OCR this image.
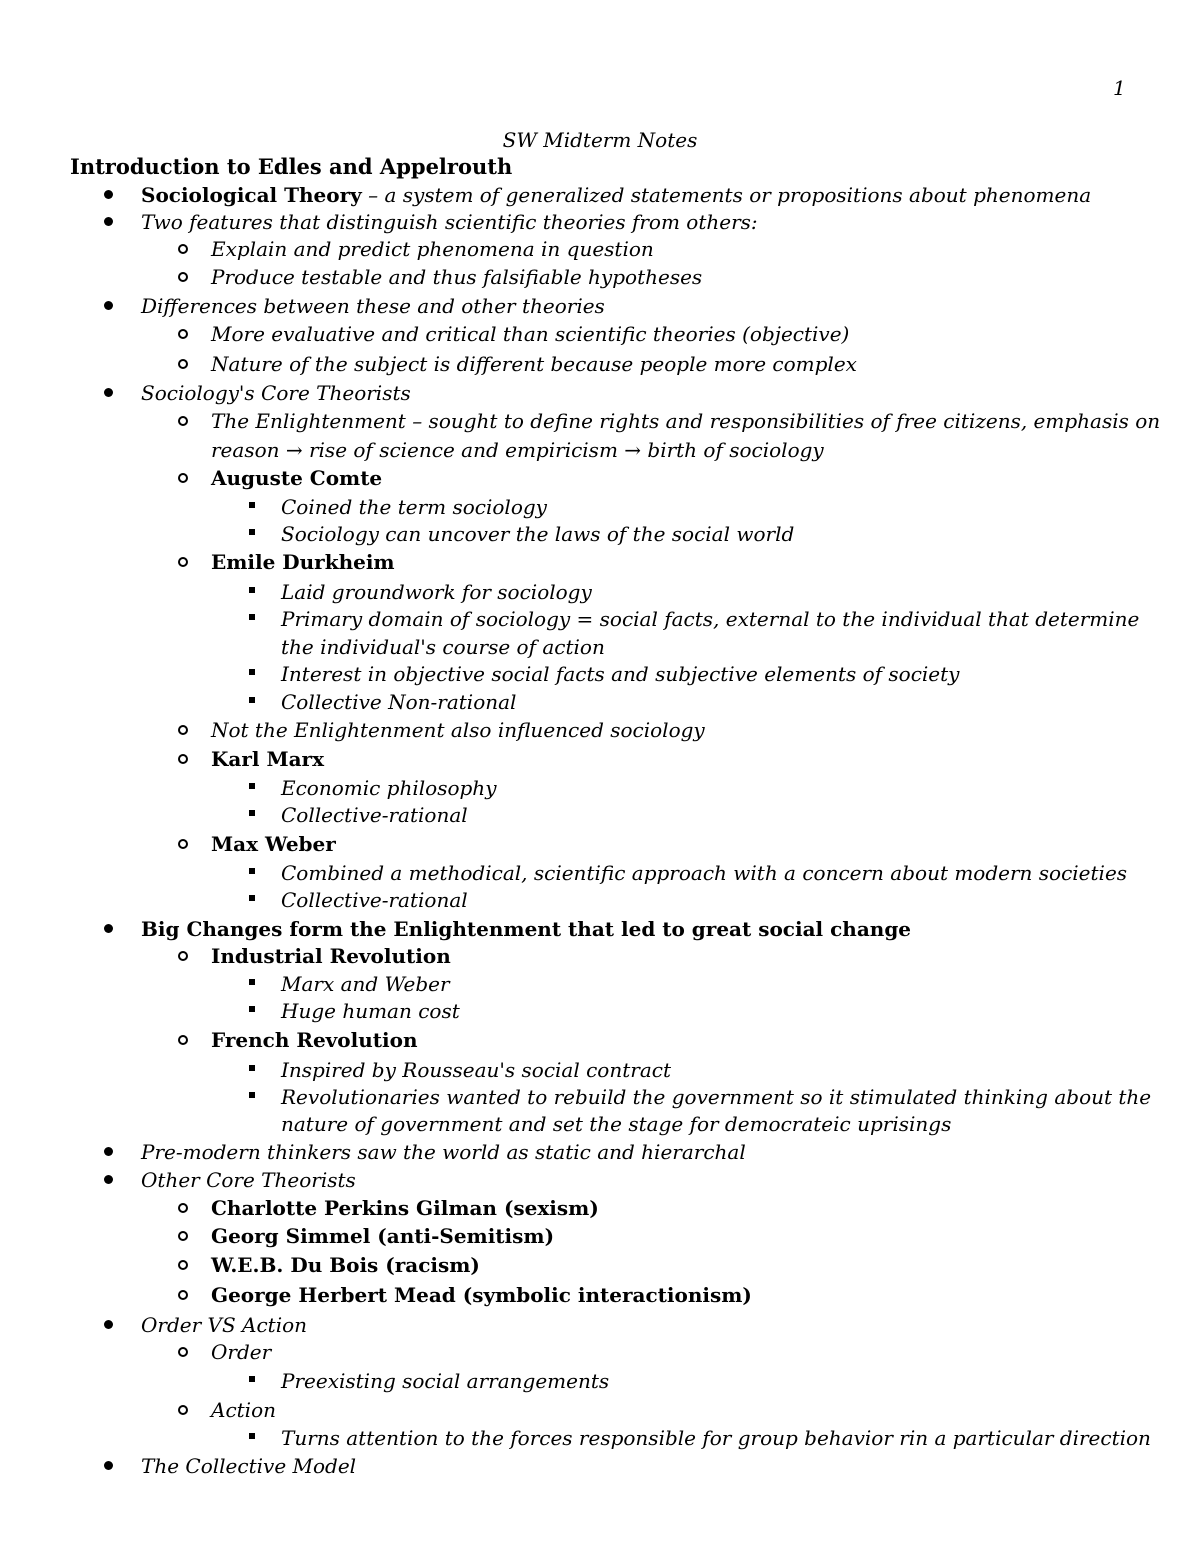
1
SW Midterm Notes
Introduction to Edles and Appelrouth
Sociological Theory – a system of generalized statements or propositions about phenomena
Two features that distinguish scientific theories from others:
Explain and predict phenomena in question
Produce testable and thus falsifiable hypotheses
Differences between these and other theories
More evaluative and critical than scientific theories (objective)
Nature of the subject is different because people more complex
Sociology's Core Theorists
The Enlightenment – sought to define rights and responsibilities of free citizens, emphasis on
reason → rise of science and empiricism → birth of sociology
Auguste Comte
Coined the term sociology
Sociology can uncover the laws of the social world
Emile Durkheim
Laid groundwork for sociology
Primary domain of sociology = social facts, external to the individual that determine
the individual's course of action
Interest in objective social facts and subjective elements of society
Collective Non-rational
Not the Enlightenment also influenced sociology
Karl Marx
Economic philosophy
Collective-rational
Max Weber
Combined a methodical, scientific approach with a concern about modern societies
Collective-rational
Big Changes form the Enlightenment that led to great social change
Industrial Revolution
Marx and Weber
Huge human cost
French Revolution
Inspired by Rousseau's social contract
Revolutionaries wanted to rebuild the government so it stimulated thinking about the
nature of government and set the stage for democrateic uprisings
Pre-modern thinkers saw the world as static and hierarchal
Other Core Theorists
Charlotte Perkins Gilman (sexism)
Georg Simmel (anti-Semitism)
W.E.B. Du Bois (racism)
George Herbert Mead (symbolic interactionism)
Order VS Action
Order
Preexisting social arrangements
Action
Turns attention to the forces responsible for group behavior rin a particular direction
The Collective Model
